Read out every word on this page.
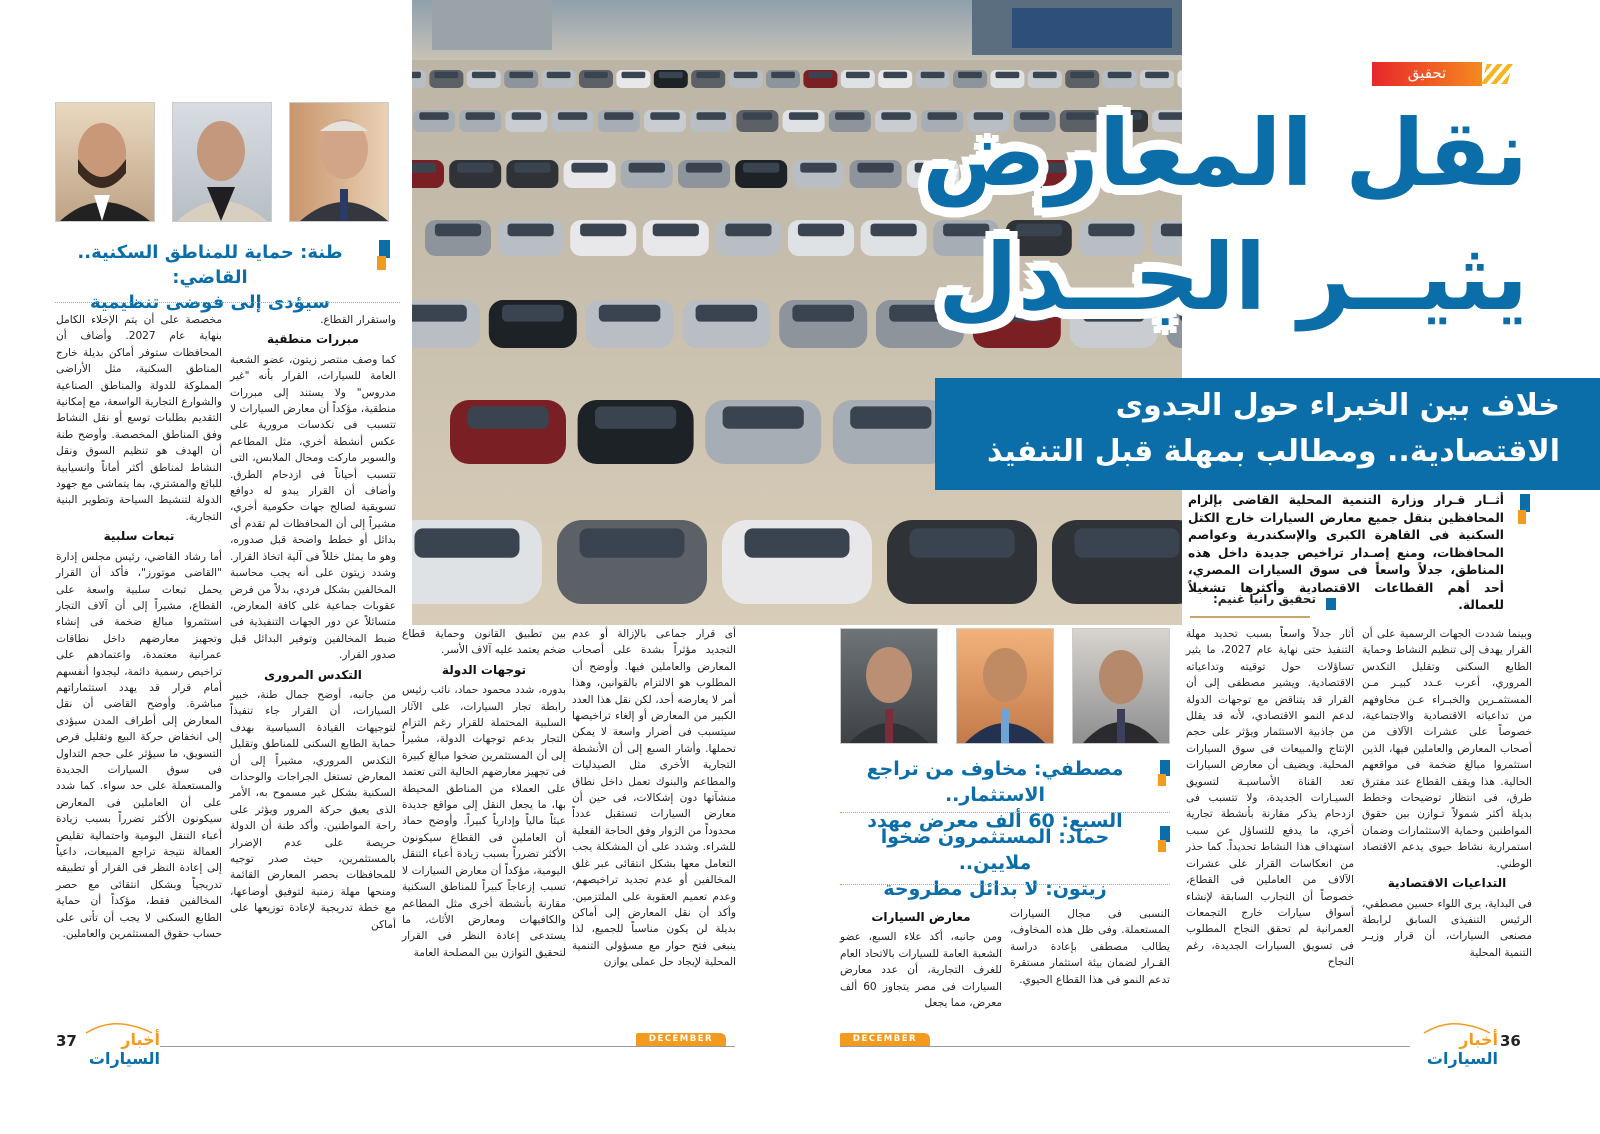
تحقيق
نقل المعارض
يثيــر الجــدل
خلاف بين الخبراء حول الجدوى
الاقتصادية.. ومطالب بمهلة قبل التنفيذ
أثــار قـرار وزارة التنمية المحلية القاضى بإلزام المحافظين بنقل جميع معارض السيارات خارج الكتل السكنية فى القاهرة الكبرى والإسكندرية وعواصم المحافظات، ومنع إصـدار تراخيص جديدة داخل هذه المناطق، جدلاً واسعاً فى سوق السيارات المصري، أحد أهم القطاعات الاقتصادية وأكثرها تشغيلاً للعمالة.
تحقيق رانيا غنيم:

وبينما شددت الجهات الرسمية على أن القرار يهدف إلى تنظيم النشاط وحماية الطابع السكنى وتقليل التكدس المروري، أعرب عـدد كبيـر مـن المستثمـرين والخبـراء عـن مخاوفهم من تداعياته الاقتصادية والاجتماعية، خصوصاً على عشرات الآلاف من أصحاب المعارض والعاملين فيها، الذين استثمروا مبالغ ضخمة فى مواقعهم الحالية. هذا ويقف القطاع عند مفترق طرق، فى انتظار توضيحات وخطط بديلة أكثر شمولاً تـوازن بين حقوق المواطنين وحماية الاستثمارات وضمان استمرارية نشاط حيوى يدعم الاقتصاد الوطني.

التداعيات الاقتصادية

فى البداية، يرى اللواء حسين مصطفي، الرئيس التنفيذى السابق لرابطة مصنعى السيارات، أن قرار وزيـر التنمية المحلية

أثار جدلاً واسعاً بسبب تحديد مهلة التنفيذ حتى نهاية عام 2027، ما يثير تساؤلات حول توقيته وتداعياته الاقتصادية. ويشير مصطفى إلى أن القرار قد يتناقض مع توجهات الدولة لدعم النمو الاقتصادي، لأنه قد يقلل من جاذبية الاستثمار ويؤثر على حجم الإنتاج والمبيعات فى سوق السيارات المحلية. ويضيف أن معارض السيارات تعد القناة الأساسيـة لتسويق السيـارات الجديدة، ولا تتسبب فى ازدحام يذكر مقارنة بأنشطة تجارية أخري، ما يدفع للتساؤل عن سبب استهداف هذا النشاط تحديداً. كما حذر من انعكاسات القرار على عشرات الآلاف من العاملين فى القطاع، خصوصاً أن التجارب السابقة لإنشاء أسواق سيارات خارج التجمعات العمرانية لم تحقق النجاح المطلوب فى تسويق السيارات الجديدة، رغم النجاح

مصطفي: مخاوف من تراجع الاستثمار..
السبع: 60 ألف معرض مهدد
حماد: المستثمرون ضخوا ملايين..
زيتون: لا بدائل مطروحة

النسبى فى مجال السيارات المستعملة. وفى ظل هذه المخاوف، يطالب مصطفى بإعادة دراسة القـرار لضمان بيئة استثمار مستقرة تدعم النمو فى هذا القطاع الحيوي.

معارض السيارات

ومن جانبه، أكد علاء السبع، عضو الشعبة العامة للسيارات بالاتحاد العام للغرف التجارية، أن عدد معارض السيارات فى مصر يتجاوز 60 ألف معرض، مما يجعل

DECEMBER 2025
أخبار السيارات
36
طنة: حماية للمناطق السكنية.. القاضي:
سيؤدى إلى فوضى تنظيمية

أى قرار جماعى بالإزالة أو عدم التجديد مؤثراً بشدة على أصحاب المعارض والعاملين فيها. وأوضح أن المطلوب هو الالتزام بالقوانين، وهذا أمر لا يعارضه أحد، لكن نقل هذا العدد الكبير من المعارض أو إلغاء تراخيصها سيتسبب فى أضرار واسعة لا يمكن تحملها. وأشار السبع إلى أن الأنشطة التجارية الأخرى مثل الصيدليات والمطاعم والبنوك تعمل داخل نطاق منشآتها دون إشكالات، فى حين أن معارض السيارات تستقبل عدداً محدوداً من الزوار وفق الحاجة الفعلية للشراء. وشدد على أن المشكلة يجب التعامل معها بشكل انتقائى عبر غلق المخالفين أو عدم تجديد تراخيصهم، وعدم تعميم العقوبة على الملتزمين. وأكد أن نقل المعارض إلى أماكن بديلة لن يكون مناسباً للجميع، لذا ينبغى فتح حوار مع مسؤولى التنمية المحلية لإيجاد حل عملى يوازن

بين تطبيق القانون وحماية قطاع ضخم يعتمد عليه آلاف الأسر.

توجهات الدولة

بدوره، شدد محمود حماد، نائب رئيس رابطة تجار السيارات، على الآثار السلبية المحتملة للقرار رغم التزام التجار بدعم توجهات الدولة، مشيراً إلى أن المستثمرين ضخوا مبالغ كبيرة فى تجهيز معارضهم الحالية التى تعتمد على العملاء من المناطق المحيطة بها، ما يجعل النقل إلى مواقع جديدة عبئاً مالياً وإدارياً كبيراً. وأوضح حماد أن العاملين فى القطاع سيكونون الأكثر تضرراً بسبب زيادة أعباء التنقل اليومية، مؤكداً أن معارض السيارات لا تسبب إزعاجاً كبيراً للمناطق السكنية مقارنة بأنشطة أخرى مثل المطاعم والكافيهات ومعارض الأثاث، ما يستدعى إعادة النظر فى القرار لتحقيق التوازن بين المصلحة العامة

واستقرار القطاع.

مبررات منطقية

كما وصف منتصر زيتون، عضو الشعبة العامة للسيارات، القرار بأنه "غير مدروس" ولا يستند إلى مبررات منطقية، مؤكداً أن معارض السيارات لا تتسبب فى تكدسات مرورية على عكس أنشطة أخري، مثل المطاعم والسوبر ماركت ومحال الملابس، التى تتسبب أحياناً فى ازدحام الطرق. وأضاف أن القرار يبدو له دوافع تسويقية لصالح جهات حكومية أخري، مشيراً إلى أن المحافظات لم تقدم أى بدائل أو خطط واضحة قبل صدوره، وهو ما يمثل خللاً فى آلية اتخاذ القرار. وشدد زيتون على أنه يجب محاسبة المخالفين بشكل فردي، بدلاً من فرض عقوبات جماعية على كافة المعارض، متسائلاً عن دور الجهات التنفيذية فى ضبط المخالفين وتوفير البدائل قبل صدور القرار.

التكدس المرورى

من جانبه، أوضح جمال طنة، خبير السيارات، أن القرار جاء تنفيذاً لتوجيهات القيادة السياسية بهدف حماية الطابع السكنى للمناطق وتقليل التكدس المروري، مشيراً إلى أن المعارض تستغل الجراجات والوحدات السكنية بشكل غير مسموح به، الأمر الذى يعيق حركة المرور ويؤثر على راحة المواطنين. وأكد طنة أن الدولة حريصة على عدم الإضرار بالمستثمرين، حيث صدر توجيه للمحافظات بحصر المعارض القائمة ومنحها مهلة زمنية لتوفيق أوضاعها، مع خطة تدريجية لإعادة توزيعها على أماكن

مخصصة على أن يتم الإخلاء الكامل بنهاية عام 2027. وأضاف أن المحافظات ستوفر أماكن بديلة خارج المناطق السكنية، مثل الأراضى المملوكة للدولة والمناطق الصناعية والشوارع التجارية الواسعة، مع إمكانية التقديم بطلبات توسع أو نقل النشاط وفق المناطق المخصصة. وأوضح طنة أن الهدف هو تنظيم السوق ونقل النشاط لمناطق أكثر أماناً وانسيابية للبائع والمشتري، بما يتماشى مع جهود الدولة لتنشيط السياحة وتطوير البنية التجارية.

تبعات سلبية

أما رشاد القاضي، رئيس مجلس إدارة "القاضى موتورز"، فأكد أن القرار يحمل تبعات سلبية واسعة على القطاع، مشيراً إلى أن آلاف التجار استثمروا مبالغ ضخمة فى إنشاء وتجهيز معارضهم داخل نطاقات عمرانية معتمدة، واعتمادهم على تراخيص رسمية دائمة، ليجدوا أنفسهم أمام قرار قد يهدد استثماراتهم مباشرة. وأوضح القاضى أن نقل المعارض إلى أطراف المدن سيؤدى إلى انخفاض حركة البيع وتقليل فرص التسويق، ما سيؤثر على حجم التداول فى سوق السيارات الجديدة والمستعملة على حد سواء. كما شدد على أن العاملين فى المعارض سيكونون الأكثر تضرراً بسبب زيادة أعباء التنقل اليومية واحتمالية تقليص العمالة نتيجة تراجع المبيعات، داعياً إلى إعادة النظر فى القرار أو تطبيقه تدريجياً وبشكل انتقائى مع حصر المخالفين فقط، مؤكداً أن حماية الطابع السكنى لا يجب أن تأتى على حساب حقوق المستثمرين والعاملين.

37	أخبار السيارات
DECEMBER 2025
